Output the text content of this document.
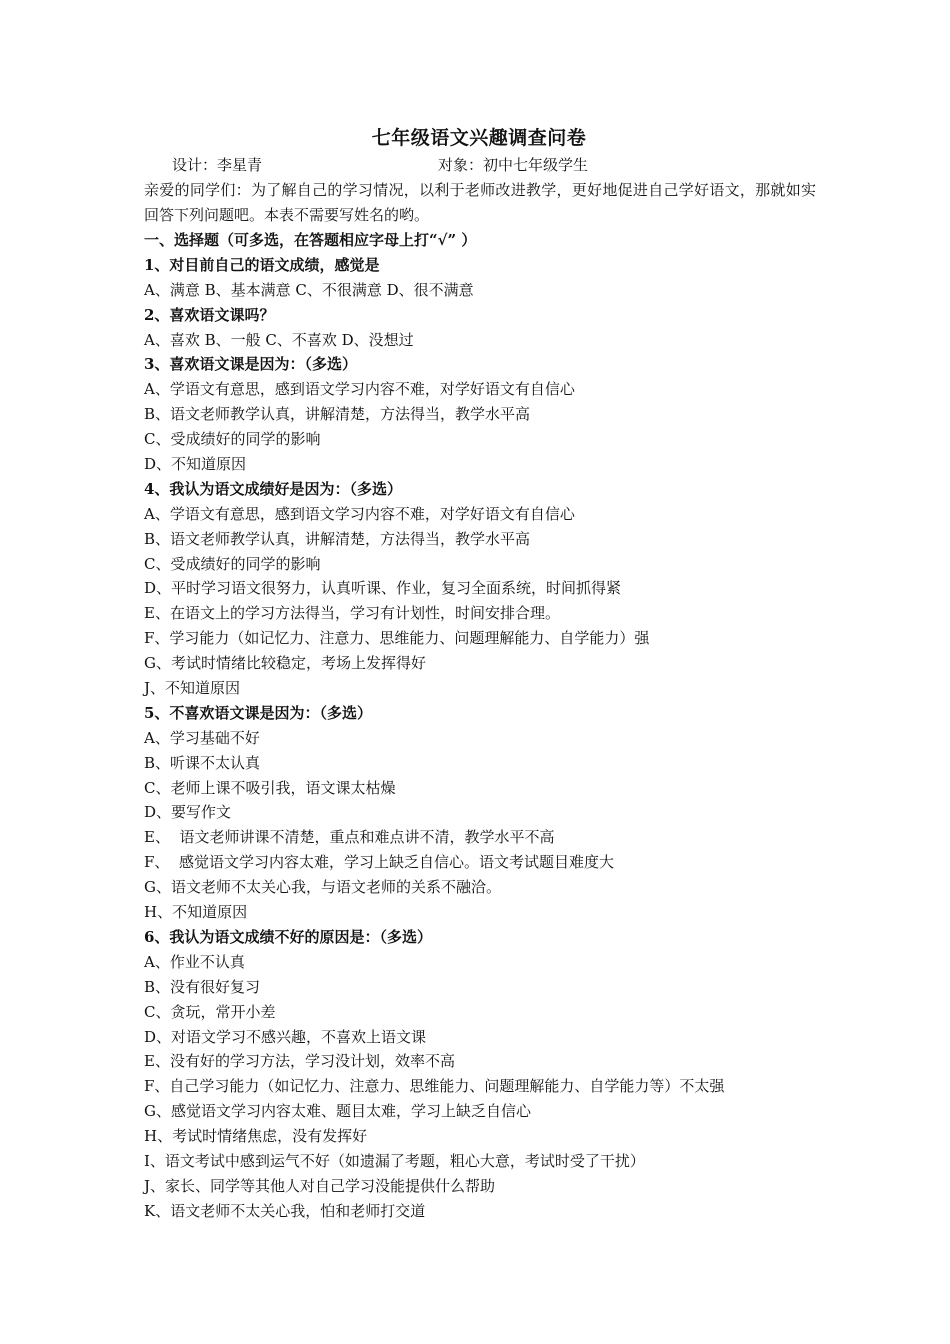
七年级语文兴趣调查问卷
设计：李星青	对象：初中七年级学生
亲爱的同学们：为了解自己的学习情况，以利于老师改进教学，更好地促进自己学好语文，那就如实回答下列问题吧。本表不需要写姓名的哟。
一、选择题（可多选，在答题相应字母上打“√” ）
1、对目前自己的语文成绩，感觉是
A、满意 B、基本满意 C、不很满意 D、很不满意
2、喜欢语文课吗？
A、喜欢 B、一般 C、不喜欢 D、没想过
3、喜欢语文课是因为：（多选）
A、学语文有意思，感到语文学习内容不难，对学好语文有自信心
B、语文老师教学认真，讲解清楚，方法得当，教学水平高
C、受成绩好的同学的影响
D、不知道原因
4、我认为语文成绩好是因为：（多选）
A、学语文有意思，感到语文学习内容不难，对学好语文有自信心
B、语文老师教学认真，讲解清楚，方法得当，教学水平高
C、受成绩好的同学的影响
D、平时学习语文很努力，认真听课、作业，复习全面系统，时间抓得紧
E、在语文上的学习方法得当，学习有计划性，时间安排合理。
F、学习能力（如记忆力、注意力、思维能力、问题理解能力、自学能力）强
G、考试时情绪比较稳定，考场上发挥得好
J、不知道原因
5、不喜欢语文课是因为：（多选）
A、学习基础不好
B、听课不太认真
C、老师上课不吸引我，语文课太枯燥
D、要写作文
E、  语文老师讲课不清楚，重点和难点讲不清，教学水平不高
F、  感觉语文学习内容太难，学习上缺乏自信心。语文考试题目难度大
G、语文老师不太关心我，与语文老师的关系不融洽。
H、不知道原因
6、我认为语文成绩不好的原因是：（多选）
A、作业不认真
B、没有很好复习
C、贪玩，常开小差
D、对语文学习不感兴趣，不喜欢上语文课
E、没有好的学习方法，学习没计划，效率不高
F、自己学习能力（如记忆力、注意力、思维能力、问题理解能力、自学能力等）不太强
G、感觉语文学习内容太难、题目太难，学习上缺乏自信心
H、考试时情绪焦虑，没有发挥好
I、语文考试中感到运气不好（如遗漏了考题，粗心大意，考试时受了干扰）
J、家长、同学等其他人对自己学习没能提供什么帮助
K、语文老师不太关心我，怕和老师打交道
